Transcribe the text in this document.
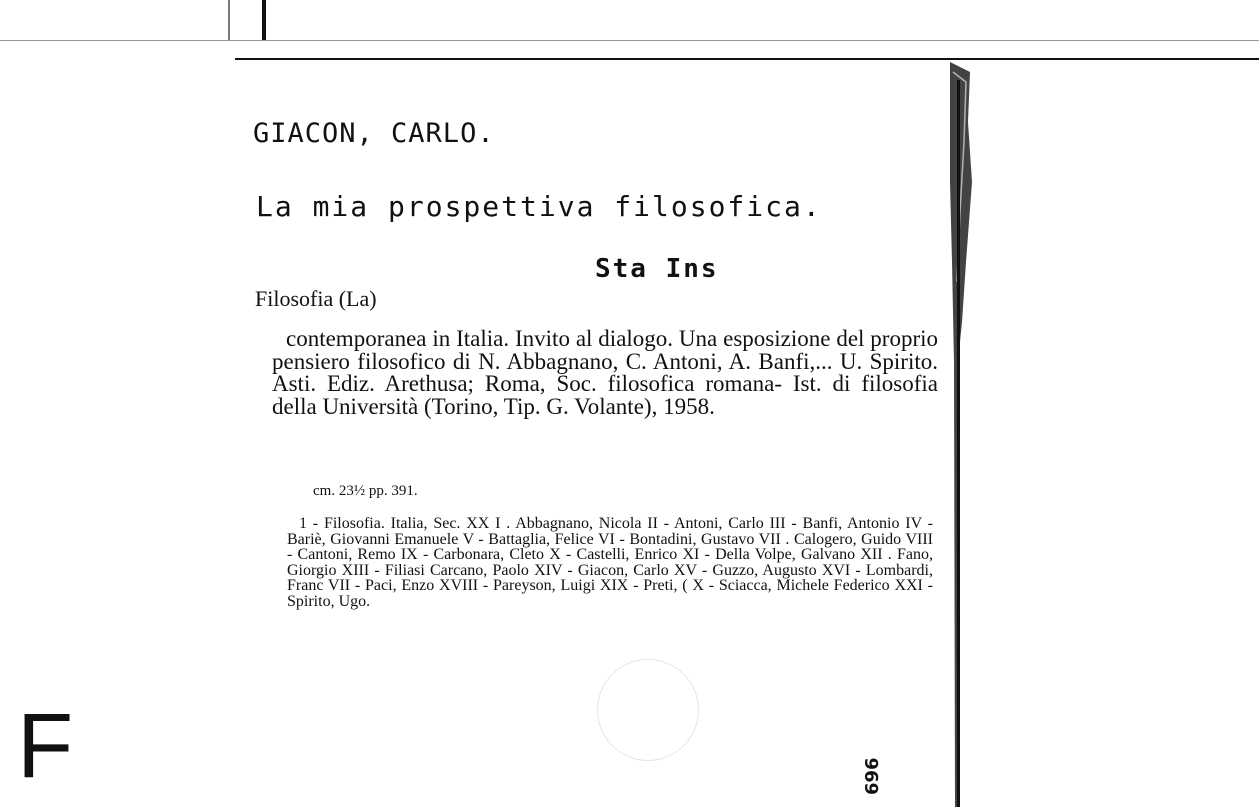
GIACON, CARLO.
La mia prospettiva filosofica.
Sta Ins
Filosofia (La)
contemporanea in Italia. Invito al dialogo. Una esposizione del proprio pensiero filosofico di N. Abbagnano, C. Antoni, A. Banfi,... U. Spirito. Asti. Ediz. Arethusa; Roma, Soc. filosofica romana- Ist. di filosofia della Università (Torino, Tip. G. Volante), 1958.
cm. 23½ pp. 391.
1 - Filosofia. Italia, Sec. XX I . Abbagnano, Nicola II - Antoni, Carlo III - Banfi, Antonio IV - Bariè, Giovanni Emanuele V - Battaglia, Felice VI - Bontadini, Gustavo VII . Calogero, Guido VIII - Cantoni, Remo IX - Carbonara, Cleto X - Castelli, Enrico XI - Della Volpe, Galvano XII . Fano, Giorgio XIII - Filiasi Carcano, Paolo XIV - Giacon, Carlo XV - Guzzo, Augusto XVI - Lombardi, Franc VII - Paci, Enzo XVIII - Pareyson, Luigi XIX - Preti, ( X - Sciacca, Michele Federico XXI - Spirito, Ugo.
F	696
